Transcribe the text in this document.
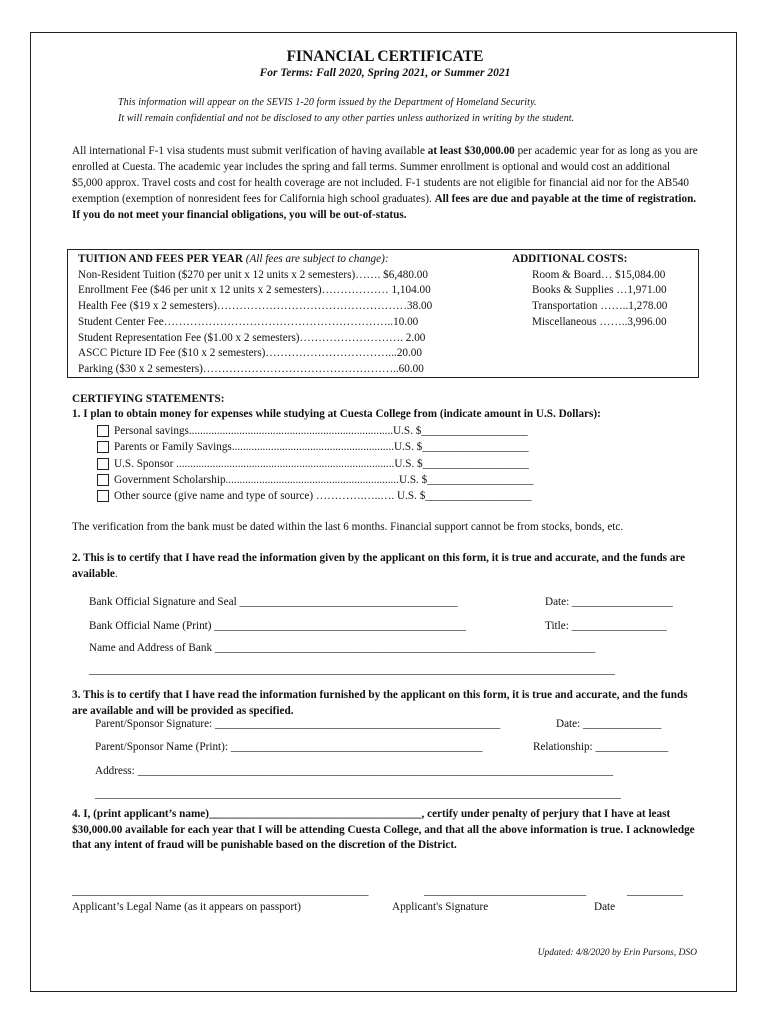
FINANCIAL CERTIFICATE
For Terms: Fall 2020, Spring 2021, or Summer 2021
This information will appear on the SEVIS 1-20 form issued by the Department of Homeland Security.
It will remain confidential and not be disclosed to any other parties unless authorized in writing by the student.
All international F-1 visa students must submit verification of having available at least $30,000.00 per academic year for as long as you are enrolled at Cuesta. The academic year includes the spring and fall terms. Summer enrollment is optional and would cost an additional $5,000 approx. Travel costs and cost for health coverage are not included. F-1 students are not eligible for financial aid nor for the AB540 exemption (exemption of nonresident fees for California high school graduates). All fees are due and payable at the time of registration. If you do not meet your financial obligations, you will be out-of-status.
TUITION AND FEES PER YEAR (All fees are subject to change):
Non-Resident Tuition ($270 per unit x 12 units x 2 semesters)……. $6,480.00
Enrollment Fee ($46 per unit x 12 units x 2 semesters)……………… 1,104.00
Health Fee ($19 x 2 semesters)……………………………………………38.00
Student Center Fee……………………………………………………..10.00
Student Representation Fee ($1.00 x 2 semesters)………………………. 2.00
ASCC Picture ID Fee ($10 x 2 semesters)……………………………...20.00
Parking ($30 x 2 semesters)……………………………………………..60.00
ADDITIONAL COSTS:
Room & Board… $15,084.00
Books & Supplies …1,971.00
Transportation ……..1,278.00
Miscellaneous ……..3,996.00
CERTIFYING STATEMENTS:
1. I plan to obtain money for expenses while studying at Cuesta College from (indicate amount in U.S. Dollars):
Personal savings.........................................................................U.S. $___________________
Parents or Family Savings..........................................................U.S. $___________________
U.S. Sponsor ..............................................................................U.S. $___________________
Government Scholarship..............................................................U.S. $___________________
Other source (give name and type of source) ………….…..…. U.S. $___________________
The verification from the bank must be dated within the last 6 months. Financial support cannot be from stocks, bonds, etc.
2. This is to certify that I have read the information given by the applicant on this form, it is true and accurate, and the funds are available.
Bank Official Signature and Seal _______________________________________	Date: __________________
Bank Official Name (Print) _____________________________________________	Title: _________________
Name and Address of Bank ____________________________________________________________________
______________________________________________________________________________________________
3. This is to certify that I have read the information furnished by the applicant on this form, it is true and accurate, and the funds are available and will be provided as specified.
Parent/Sponsor Signature: ___________________________________________________	Date: ______________
Parent/Sponsor Name (Print): _____________________________________________	Relationship: _____________
Address: _____________________________________________________________________________________
______________________________________________________________________________________________
4. I, (print applicant’s name)______________________________________, certify under penalty of perjury that I have at least $30,000.00 available for each year that I will be attending Cuesta College, and that all the above information is true. I acknowledge that any intent of fraud will be punishable based on the discretion of the District.
_____________________________________________________	_____________________________	__________
Applicant’s Legal Name (as it appears on passport)	Applicant's Signature	Date
Updated: 4/8/2020 by Erin Parsons, DSO
